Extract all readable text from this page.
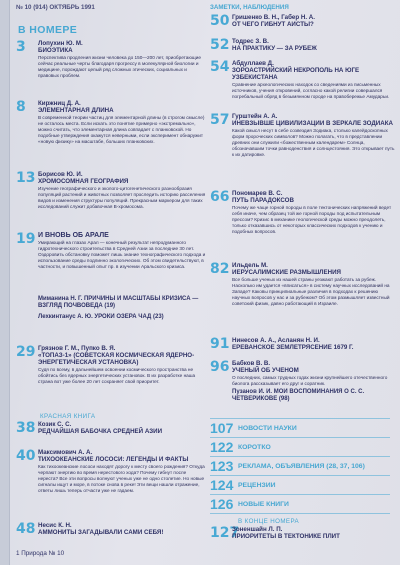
№ 10 (914) ОКТЯБРЬ 1991	ЗАМЕТКИ, НАБЛЮДЕНИЯ
В НОМЕРЕ
3 Лопухин Ю. М.
БИОЭТИКА
Перспектива продления жизни человека до 150—200 лет, приобретающие сейчас реальные черты благодаря прогрессу в молекулярной биологии и медицине, порождают целый ряд сложных этических, социальных и правовых проблем.
8 Киржниц Д. А.
ЭЛЕМЕНТАРНАЯ ДЛИНА
В современной теории частиц для элементарной длины (в строгом смысле) не осталось места. Если искать это понятие примерно «экстремально», можно считать, что элементарная длина совпадает с планковской. Но подобные утверждения окажутся неверными, если эксперимент обнаружит «новую физику» на масштабе, больших планковских.
13 Борисов Ю. И.
ХРОМОСОМНАЯ ГЕОГРАФИЯ
Изучение географического и эколого-цитогенетического разнообразия популяций растений и животных позволяет проследить историю расселения видов и изменения структуры популяций. Прекрасным маркером для таких исследований служит добавочная В-хромосома.
19 И ВНОВЬ ОБ АРАЛЕ
Умирающий на глазах Арал — конечный результат непродуманного гидротехнического строительства в Средней Азии за последние 30 лет. Оздоровить обстановку поможет лишь знание технографического подхода и использование среды подлинно экологических. Об этом свидетельствуют, в частности, и повышенный опыт пр. в изучении Аральского кризиса.
Миманина Н. Г. ПРИЧИНЫ И МАСШТАБЫ КРИЗИСА — ВЗГЛЯД ПОЧВОВЕДА (19)
Лехкинтанус А. Ю. УРОКИ ОЗЕРА ЧАД (23)
29 Грязнов Г. М., Пупко В. Я.
«ТОПАЗ-1» (СОВЕТСКАЯ КОСМИЧЕСКАЯ ЯДЕРНО-ЭНЕРГЕТИЧЕСКАЯ УСТАНОВКА)
Судя по всему, в дальнейшем освоении космического пространства не обойтись без ядерных энергетических установок. В их разработке наша страна вот уже более 20 лет сохраняет свой приоритет.
КРАСНАЯ КНИГА
38 Козик С. С.
РЕДЧАЙШАЯ БАБОЧКА СРЕДНЕЙ АЗИИ
40 Максимович А. А.
ТИХООКЕАНСКИЕ ЛОСОСИ: ЛЕГЕНДЫ И ФАКТЫ
Как тихоокеанские лососи находят дорогу к месту своего рождения? Откуда черпают энергию во время нерестового хода? Почему гибнут после нереста? Все эти вопросы волнуют ученых уже не одно столетие. Но новые сигналы ищут и море, в потоке снова в реке! Эти вещи нашли отражение, ответы лишь теперь отчасти уже не гадаем.
48 Несис К. Н.
АММОНИТЫ ЗАГАДЫВАЛИ САМИ СЕБЯ!
50 Гришенко В. Н., Габер Н. А.
ОТ ЧЕГО ГИБНУТ АИСТЫ?
52 Тодрес З. В.
НА ПРАКТИКУ — ЗА РУБЕЖ
54 Абдуллаев Д.
ЗОРОАСТРИЙСКИЙ НЕКРОПОЛЬ НА ЮГЕ УЗБЕКИСТАНА
Сравнение археологических находок со сведениями из письменных источников, учения откровений, согласно какой религии совершался погребальный обряд в безымянном городе на правобережье Амударьи.
57 Гурштейн А. А.
ИНЕВЗЫВШЕ ЦИВИЛИЗАЦИИ В ЗЕРКАЛЕ ЗОДИАКА
Какой смысл несут в себе созвездия Зодиака, столько калейдоскопных форм пророческих символов? Можно полагать, что в представлении древних они служили «божественным календарем» Солнца, обозначавшим точки равноденствия и солнцестояния. Это открывает путь к их датировке.
66 Пономарев В. С.
ПУТЬ ПАРАДОКСОВ
Почему же чаще горной породы в поле тектонических напряжений ведет себя иначе, чем образец той же горной породы под испытательным прессом? Кризис в механике геологической среды можно преодолеть, только отказавшись от некоторых классических подходов к учению и подобных вопросов.
82 Ильдель М.
ИЕРУСАЛИМСКИЕ РАЗМЫШЛЕНИЯ
Все больше ученых из нашей страны уезжают работать за рубеж. Насколько им удается «вписаться» в систему научных исследований на Западе? Каковы принципиальные различия в подходах к решению научных вопросов у нас и за рубежом? Об этом размышляет известный советский физик, давно работающий в Израиле.
91 Нинесов А. А., Асланян Н. И.
ЕРЕВАНСКОЕ ЗЕМЛЕТРЯСЕНИЕ 1679 Г.
96 Бабков В. В.
УЧЕНЫЙ ОБ УЧЕНОМ
О последних, самых трудных годах жизни крупнейшего отечественного биолога рассказывает его друг и соратник.
Пузанов И. И. МОИ ВОСПОМИНАНИЯ О С. С. ЧЕТВЕРИКОВЕ (98)
107 НОВОСТИ НАУКИ
122 КОРОТКО
123 РЕКЛАМА, ОБЪЯВЛЕНИЯ (28, 37, 106)
124 РЕЦЕНЗИИ
126 НОВЫЕ КНИГИ
В КОНЦЕ НОМЕРА
127
Зоненшайн Л. П.
ПРИОРИТЕТЫ В ТЕКТОНИКЕ ПЛИТ
1 Природа № 10
